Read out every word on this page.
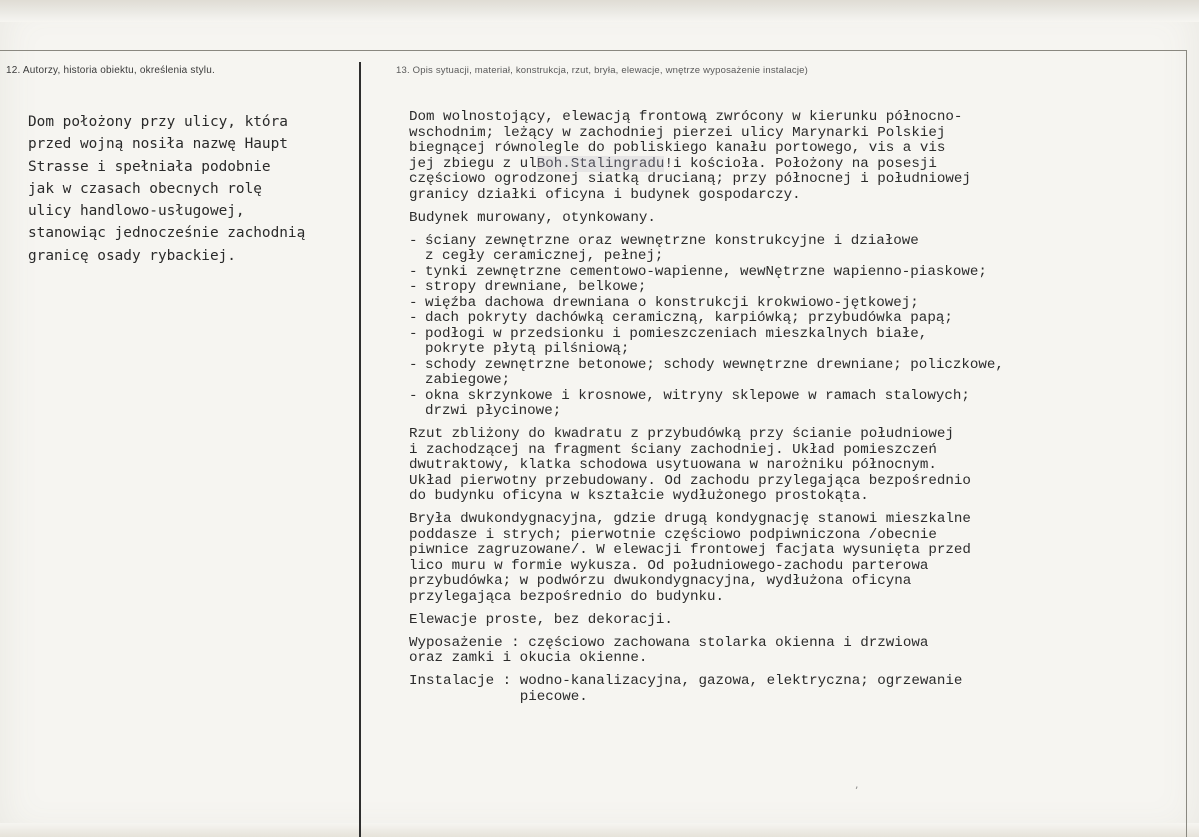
12. Autorzy, historia obiektu, określenia stylu.	13. Opis sytuacji, materiał, konstrukcja, rzut, bryła, elewacje, wnętrze wyposażenie instalacje)
Dom położony przy ulicy, która
przed wojną nosiła nazwę Haupt
Strasse i spełniała podobnie
jak w czasach obecnych rolę
ulicy handlowo-usługowej,
stanowiąc jednocześnie zachodnią
granicę osady rybackiej.
Dom wolnostojący, elewacją frontową zwrócony w kierunku północno-
wschodnim; leżący w zachodniej pierzei ulicy Marynarki Polskiej
biegnącej równolegle do pobliskiego kanału portowego, vis a vis
jej zbiegu z ulBoh.Stalingradu!i kościoła. Położony na posesji
częściowo ogrodzonej siatką drucianą; przy północnej i południowej
granicy działki oficyna i budynek gospodarczy.
Budynek murowany, otynkowany.
- ściany zewnętrzne oraz wewnętrzne konstrukcyjne i działowe
z cegły ceramicznej, pełnej;
- tynki zewnętrzne cementowo-wapienne, wewNętrzne wapienno-piaskowe;
- stropy drewniane, belkowe;
- więźba dachowa drewniana o konstrukcji krokwiowo-jętkowej;
- dach pokryty dachówką ceramiczną, karpiówką; przybudówka papą;
- podłogi w przedsionku i pomieszczeniach mieszkalnych białe,
pokryte płytą pilśniową;
- schody zewnętrzne betonowe; schody wewnętrzne drewniane; policzkowe,
zabiegowe;
- okna skrzynkowe i krosnowe, witryny sklepowe w ramach stalowych;
drzwi płycinowe;
Rzut zbliżony do kwadratu z przybudówką przy ścianie południowej
i zachodzącej na fragment ściany zachodniej. Układ pomieszczeń
dwutraktowy, klatka schodowa usytuowana w narożniku północnym.
Układ pierwotny przebudowany. Od zachodu przylegająca bezpośrednio
do budynku oficyna w kształcie wydłużonego prostokąta.
Bryła dwukondygnacyjna, gdzie drugą kondygnację stanowi mieszkalne
poddasze i strych; pierwotnie częściowo podpiwniczona /obecnie
piwnice zagruzowane/. W elewacji frontowej facjata wysunięta przed
lico muru w formie wykusza. Od południowego-zachodu parterowa
przybudówka; w podwórzu dwukondygnacyjna, wydłużona oficyna
przylegająca bezpośrednio do budynku.
Elewacje proste, bez dekoracji.
Wyposażenie : częściowo zachowana stolarka okienna i drzwiowa
oraz zamki i okucia okienne.
Instalacje : wodno-kanalizacyjna, gazowa, elektryczna; ogrzewanie
piecowe.
’
